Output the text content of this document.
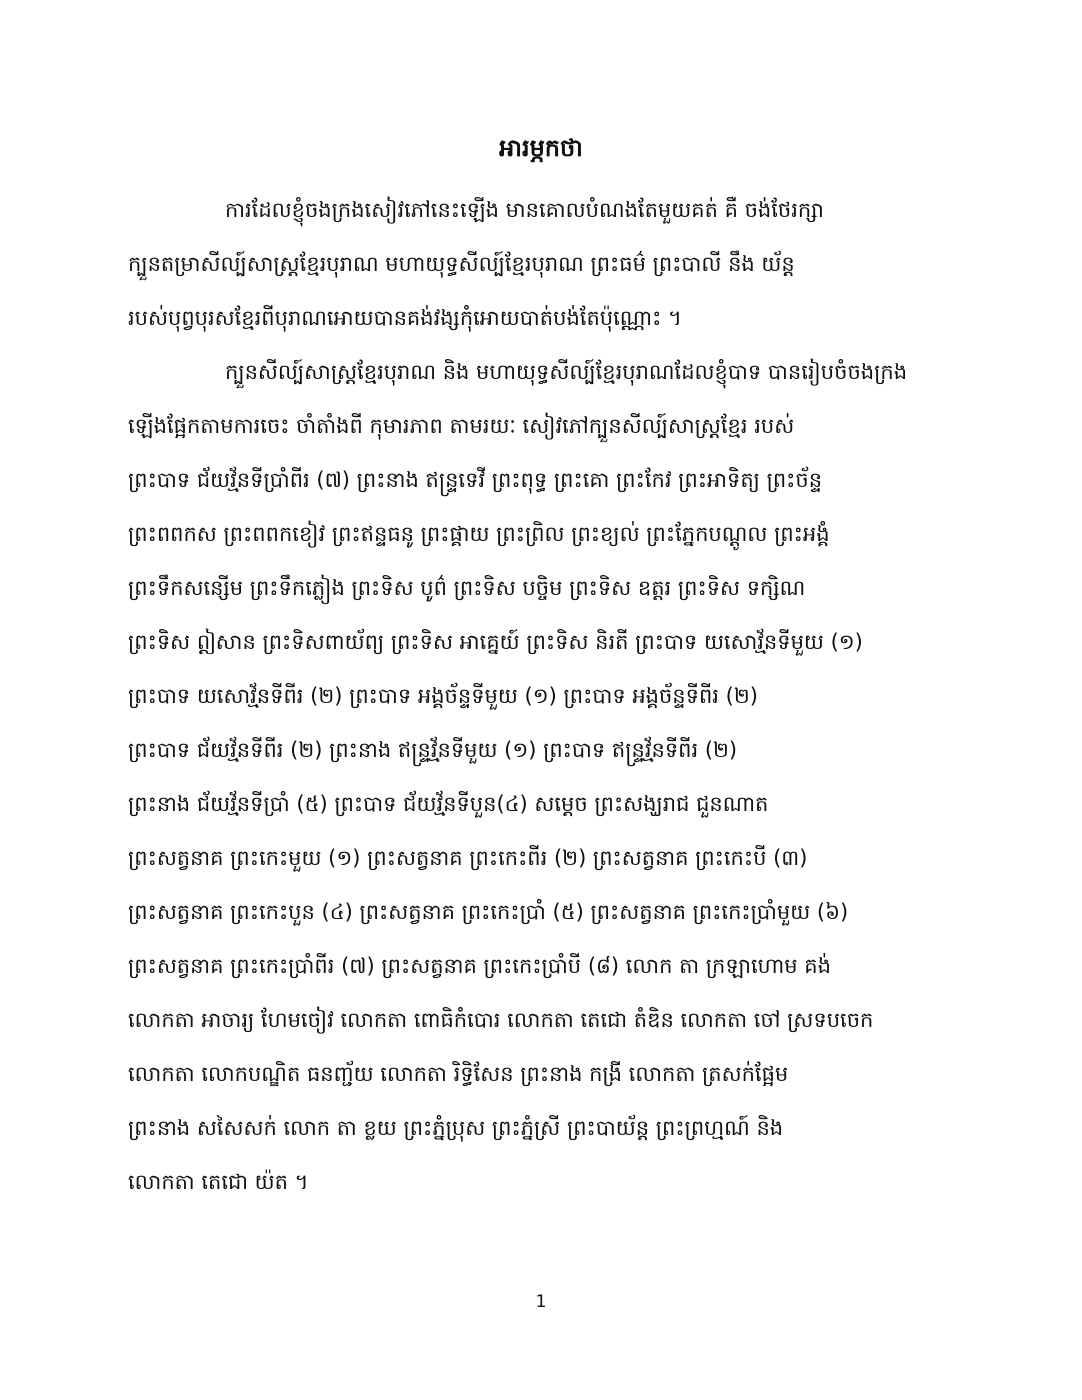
អារម្ភកថា
ការដែលខ្ញុំចងក្រងសៀវភៅនេះឡើង មានគោលបំណងតែមួយគត់ គឺ ចង់ថែរក្សា
ក្បួនតម្រាសីល្ប៍សាស្ត្រខ្មែរបុរាណ មហាយុទ្ធសីល្ប៍ខ្មែរបុរាណ ព្រះធម៌ ព្រះបាលី នឹង យ័ន្ត
របស់បុព្វបុរសខ្មែរពីបុរាណអោយបានគង់វង្សកុំអោយបាត់បង់តែប៉ុណ្ណោះ ។
ក្បួនសីល្ប៍សាស្ត្រខ្មែរបុរាណ និង មហាយុទ្ធសីល្ប៍ខ្មែរបុរាណដែលខ្ញុំបាទ បានរៀបចំចងក្រង
ឡើងផ្អែកតាមការចេះ ចាំតាំងពី កុមារភាព តាមរយៈ សៀវភៅក្បួនសីល្ប៍សាស្ត្រខ្មែរ របស់
ព្រះបាទ ជ័យវ្ម័នទីប្រាំពីរ (៧) ព្រះនាង ឥន្ទ្រទេវី ព្រះពុទ្ធ ព្រះគោ ព្រះកែវ ព្រះអាទិត្យ ព្រះច័ន្ទ
ព្រះពពកស ព្រះពពកខៀវ ព្រះឥន្ទធនូ ព្រះផ្គាយ ព្រះព្រិល ព្រះខ្យល់ ព្រះភ្នែកបណ្តូល ព្រះអង្គំ
ព្រះទឹកសន្សើម ព្រះទឹកភ្លៀង ព្រះទិស បូព៌ ព្រះទិស បច្ចិម ព្រះទិស ឧត្តរ ព្រះទិស ទក្សិណ
ព្រះទិស ឦសាន ព្រះទិសពាយ័ព្យ ព្រះទិស អាគ្នេយ៍ ព្រះទិស និរតី ព្រះបាទ យសោវ្ម័នទីមួយ (១)
ព្រះបាទ យសោវ្ម័នទីពីរ (២) ព្រះបាទ អង្គច័ន្ទទីមួយ (១) ព្រះបាទ អង្គច័ន្ទទីពីរ (២)
ព្រះបាទ ជ័យវ្ម័នទីពីរ (២) ព្រះនាង ឥន្ទ្រវ្ម័នទីមួយ (១) ព្រះបាទ ឥន្ទ្រវ្ម័នទីពីរ (២)
ព្រះនាង ជ័យវ្ម័នទីប្រាំ (៥) ព្រះបាទ ជ័យវ្ម័នទីបួន(៤) សម្តេច ព្រះសង្ឃរាជ ជួនណាត
ព្រះសត្វនាគ ព្រះកេះមួយ (១) ព្រះសត្វនាគ ព្រះកេះពីរ (២) ព្រះសត្វនាគ ព្រះកេះបី (៣)
ព្រះសត្វនាគ ព្រះកេះបួន (៤) ព្រះសត្វនាគ ព្រះកេះប្រាំ (៥) ព្រះសត្វនាគ ព្រះកេះប្រាំមួយ (៦)
ព្រះសត្វនាគ ព្រះកេះប្រាំពីរ (៧) ព្រះសត្វនាគ ព្រះកេះប្រាំបី (៨) លោក តា ក្រឡាហោម គង់
លោកតា អាចារ្យ ហែមចៀវ លោកតា ពោធិកំបោរ លោកតា តេជោ តំឌិន លោកតា ចៅ ស្រទបចេក
លោកតា លោកបណ្ឌិត ធនញ្ជ័យ លោកតា រិទ្ធិសែន ព្រះនាង កង្រី លោកតា ត្រសក់ផ្អែម
ព្រះនាង សសៃសក់ លោក តា ខ្លយ ព្រះភ្នំប្រុស ព្រះភ្នំស្រី ព្រះបាយ័ន្ត ព្រះព្រហ្មណ៍ និង
លោកតា តេជោ យ៉ត ។
1
